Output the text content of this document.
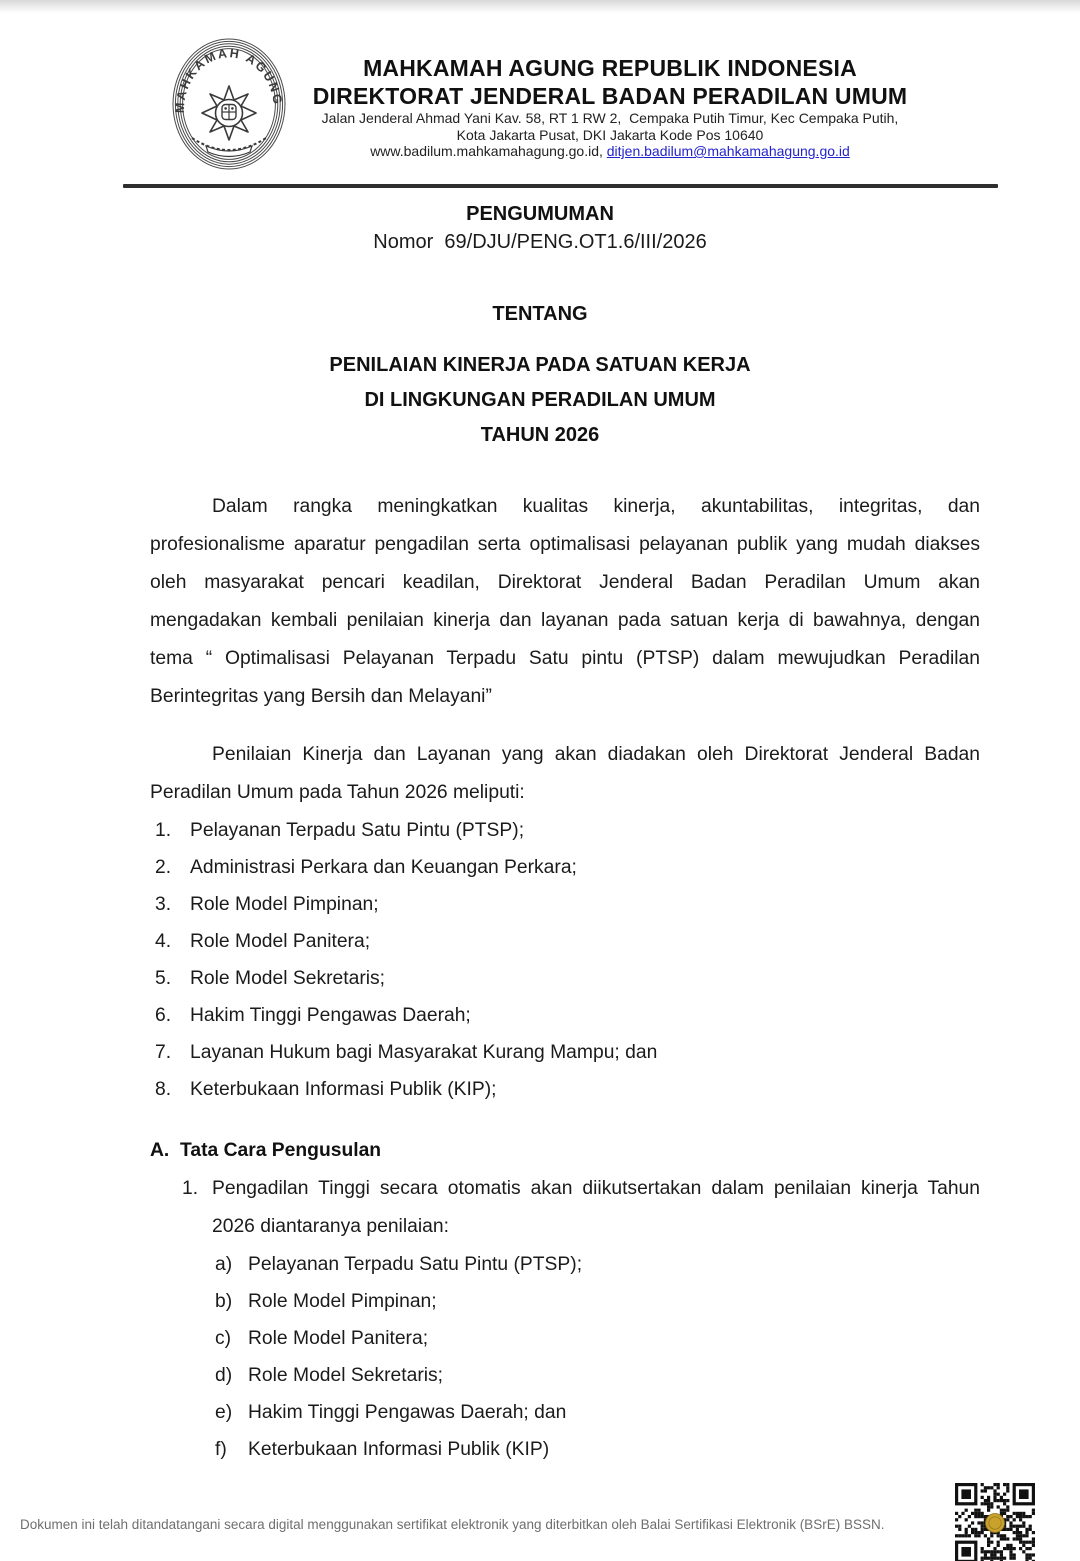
MAHKAMAH AGUNG
MAHKAMAH AGUNG REPUBLIK INDONESIA
DIREKTORAT JENDERAL BADAN PERADILAN UMUM
Jalan Jenderal Ahmad Yani Kav. 58, RT 1 RW 2,  Cempaka Putih Timur, Kec Cempaka Putih,
Kota Jakarta Pusat, DKI Jakarta Kode Pos 10640
www.badilum.mahkamahagung.go.id, ditjen.badilum@mahkamahagung.go.id
PENGUMUMAN
Nomor  69/DJU/PENG.OT1.6/III/2026
TENTANG
PENILAIAN KINERJA PADA SATUAN KERJA
DI LINGKUNGAN PERADILAN UMUM
TAHUN 2026

Dalam rangka meningkatkan kualitas kinerja, akuntabilitas, integritas, dan profesionalisme aparatur pengadilan serta optimalisasi pelayanan publik yang mudah diakses oleh masyarakat pencari keadilan, Direktorat Jenderal Badan Peradilan Umum akan mengadakan kembali penilaian kinerja dan layanan pada satuan kerja di bawahnya, dengan tema “ Optimalisasi Pelayanan Terpadu Satu pintu (PTSP) dalam mewujudkan Peradilan Berintegritas yang Bersih dan Melayani”

Penilaian Kinerja dan Layanan yang akan diadakan oleh Direktorat Jenderal Badan Peradilan Umum pada Tahun 2026 meliputi:

1. Pelayanan Terpadu Satu Pintu (PTSP);
2. Administrasi Perkara dan Keuangan Perkara;
3. Role Model Pimpinan;
4. Role Model Panitera;
5. Role Model Sekretaris;
6. Hakim Tinggi Pengawas Daerah;
7. Layanan Hukum bagi Masyarakat Kurang Mampu; dan
8. Keterbukaan Informasi Publik (KIP);
A. Tata Cara Pengusulan
1. Pengadilan Tinggi secara otomatis akan diikutsertakan dalam penilaian kinerja Tahun 2026 diantaranya penilaian:
a) Pelayanan Terpadu Satu Pintu (PTSP);
b) Role Model Pimpinan;
c) Role Model Panitera;
d) Role Model Sekretaris;
e) Hakim Tinggi Pengawas Daerah; dan
f)	Keterbukaan Informasi Publik (KIP)
Dokumen ini telah ditandatangani secara digital menggunakan sertifikat elektronik yang diterbitkan oleh Balai Sertifikasi Elektronik (BSrE) BSSN.
